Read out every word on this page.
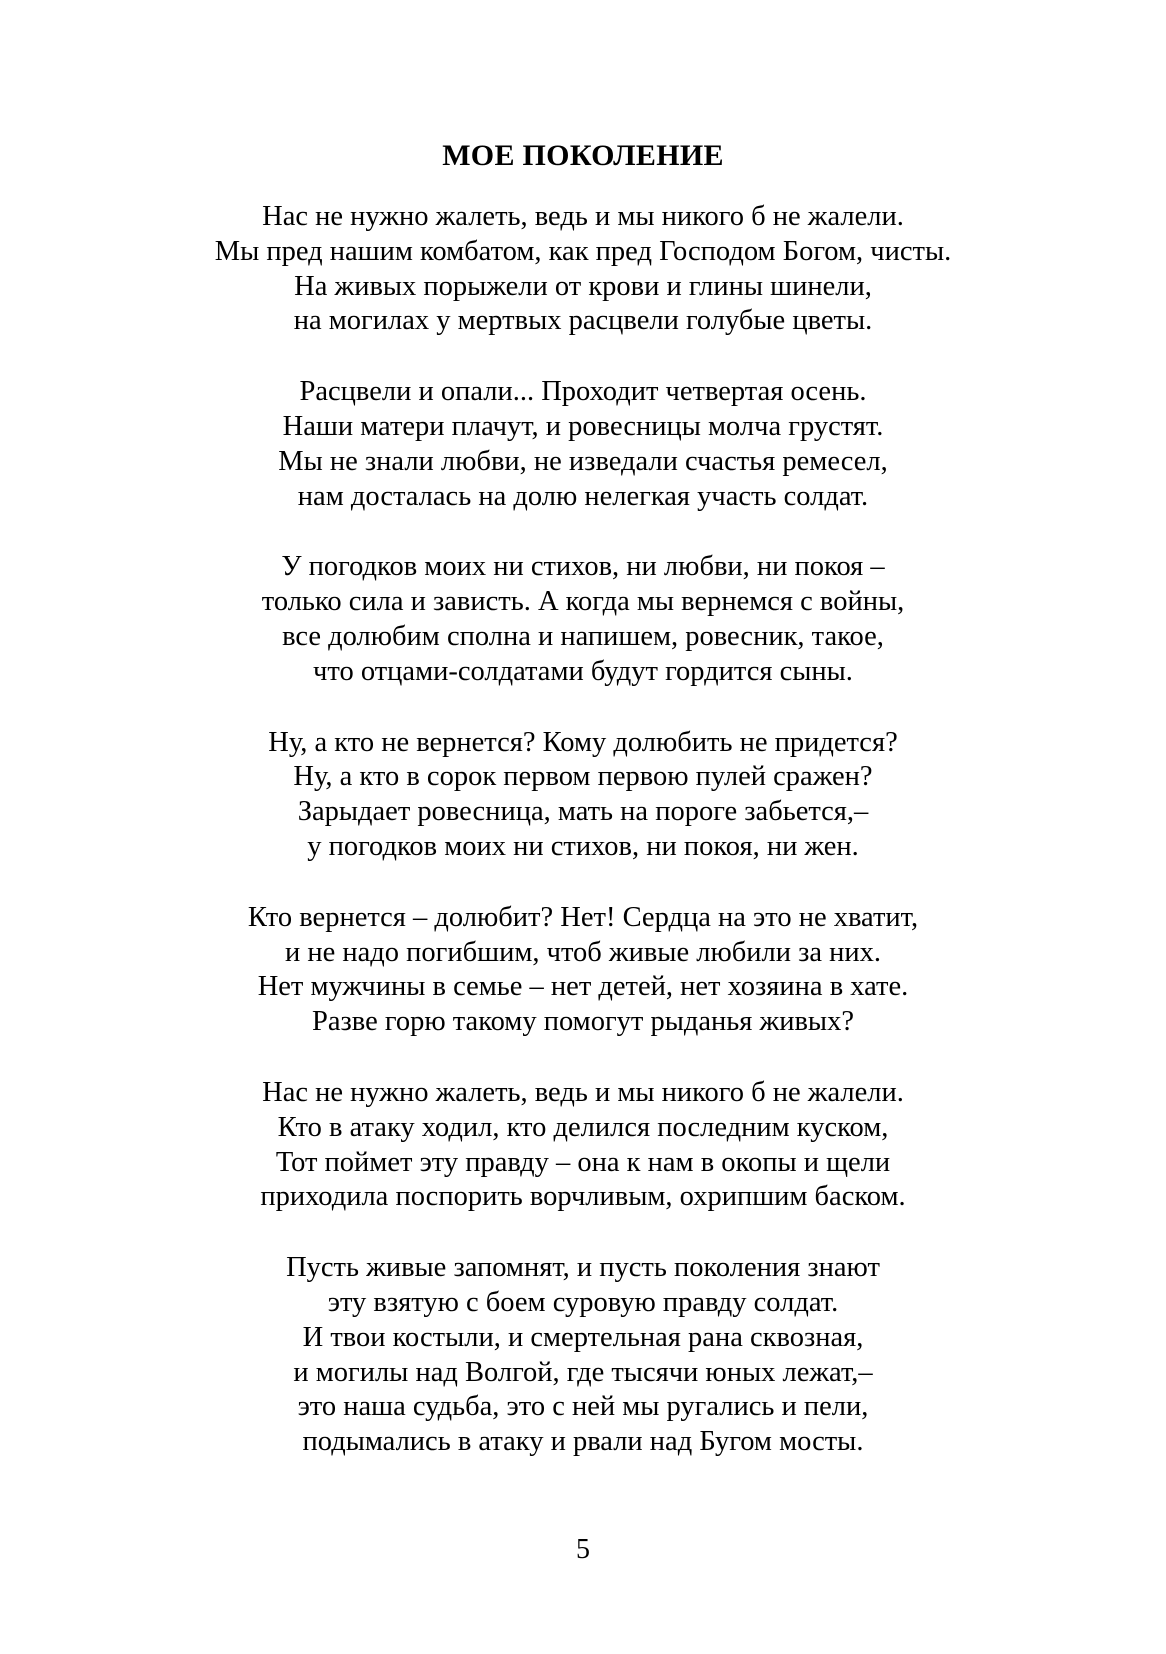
МОЕ ПОКОЛЕНИЕ
Нас не нужно жалеть, ведь и мы никого б не жалели.
Мы пред нашим комбатом, как пред Господом Богом, чисты.
На живых порыжели от крови и глины шинели,
на могилах у мертвых расцвели голубые цветы.
Расцвели и опали... Проходит четвертая осень.
Наши матери плачут, и ровесницы молча грустят.
Мы не знали любви, не изведали счастья ремесел,
нам досталась на долю нелегкая участь солдат.
У погодков моих ни стихов, ни любви, ни покоя –
только сила и зависть. А когда мы вернемся с войны,
все долюбим сполна и напишем, ровесник, такое,
что отцами-солдатами будут гордится сыны.
Ну, а кто не вернется? Кому долюбить не придется?
Ну, а кто в сорок первом первою пулей сражен?
Зарыдает ровесница, мать на пороге забьется,–
у погодков моих ни стихов, ни покоя, ни жен.
Кто вернется – долюбит? Нет! Сердца на это не хватит,
и не надо погибшим, чтоб живые любили за них.
Нет мужчины в семье – нет детей, нет хозяина в хате.
Разве горю такому помогут рыданья живых?
Нас не нужно жалеть, ведь и мы никого б не жалели.
Кто в атаку ходил, кто делился последним куском,
Тот поймет эту правду – она к нам в окопы и щели
приходила поспорить ворчливым, охрипшим баском.
Пусть живые запомнят, и пусть поколения знают
эту взятую с боем суровую правду солдат.
И твои костыли, и смертельная рана сквозная,
и могилы над Волгой, где тысячи юных лежат,–
это наша судьба, это с ней мы ругались и пели,
подымались в атаку и рвали над Бугом мосты.
5
